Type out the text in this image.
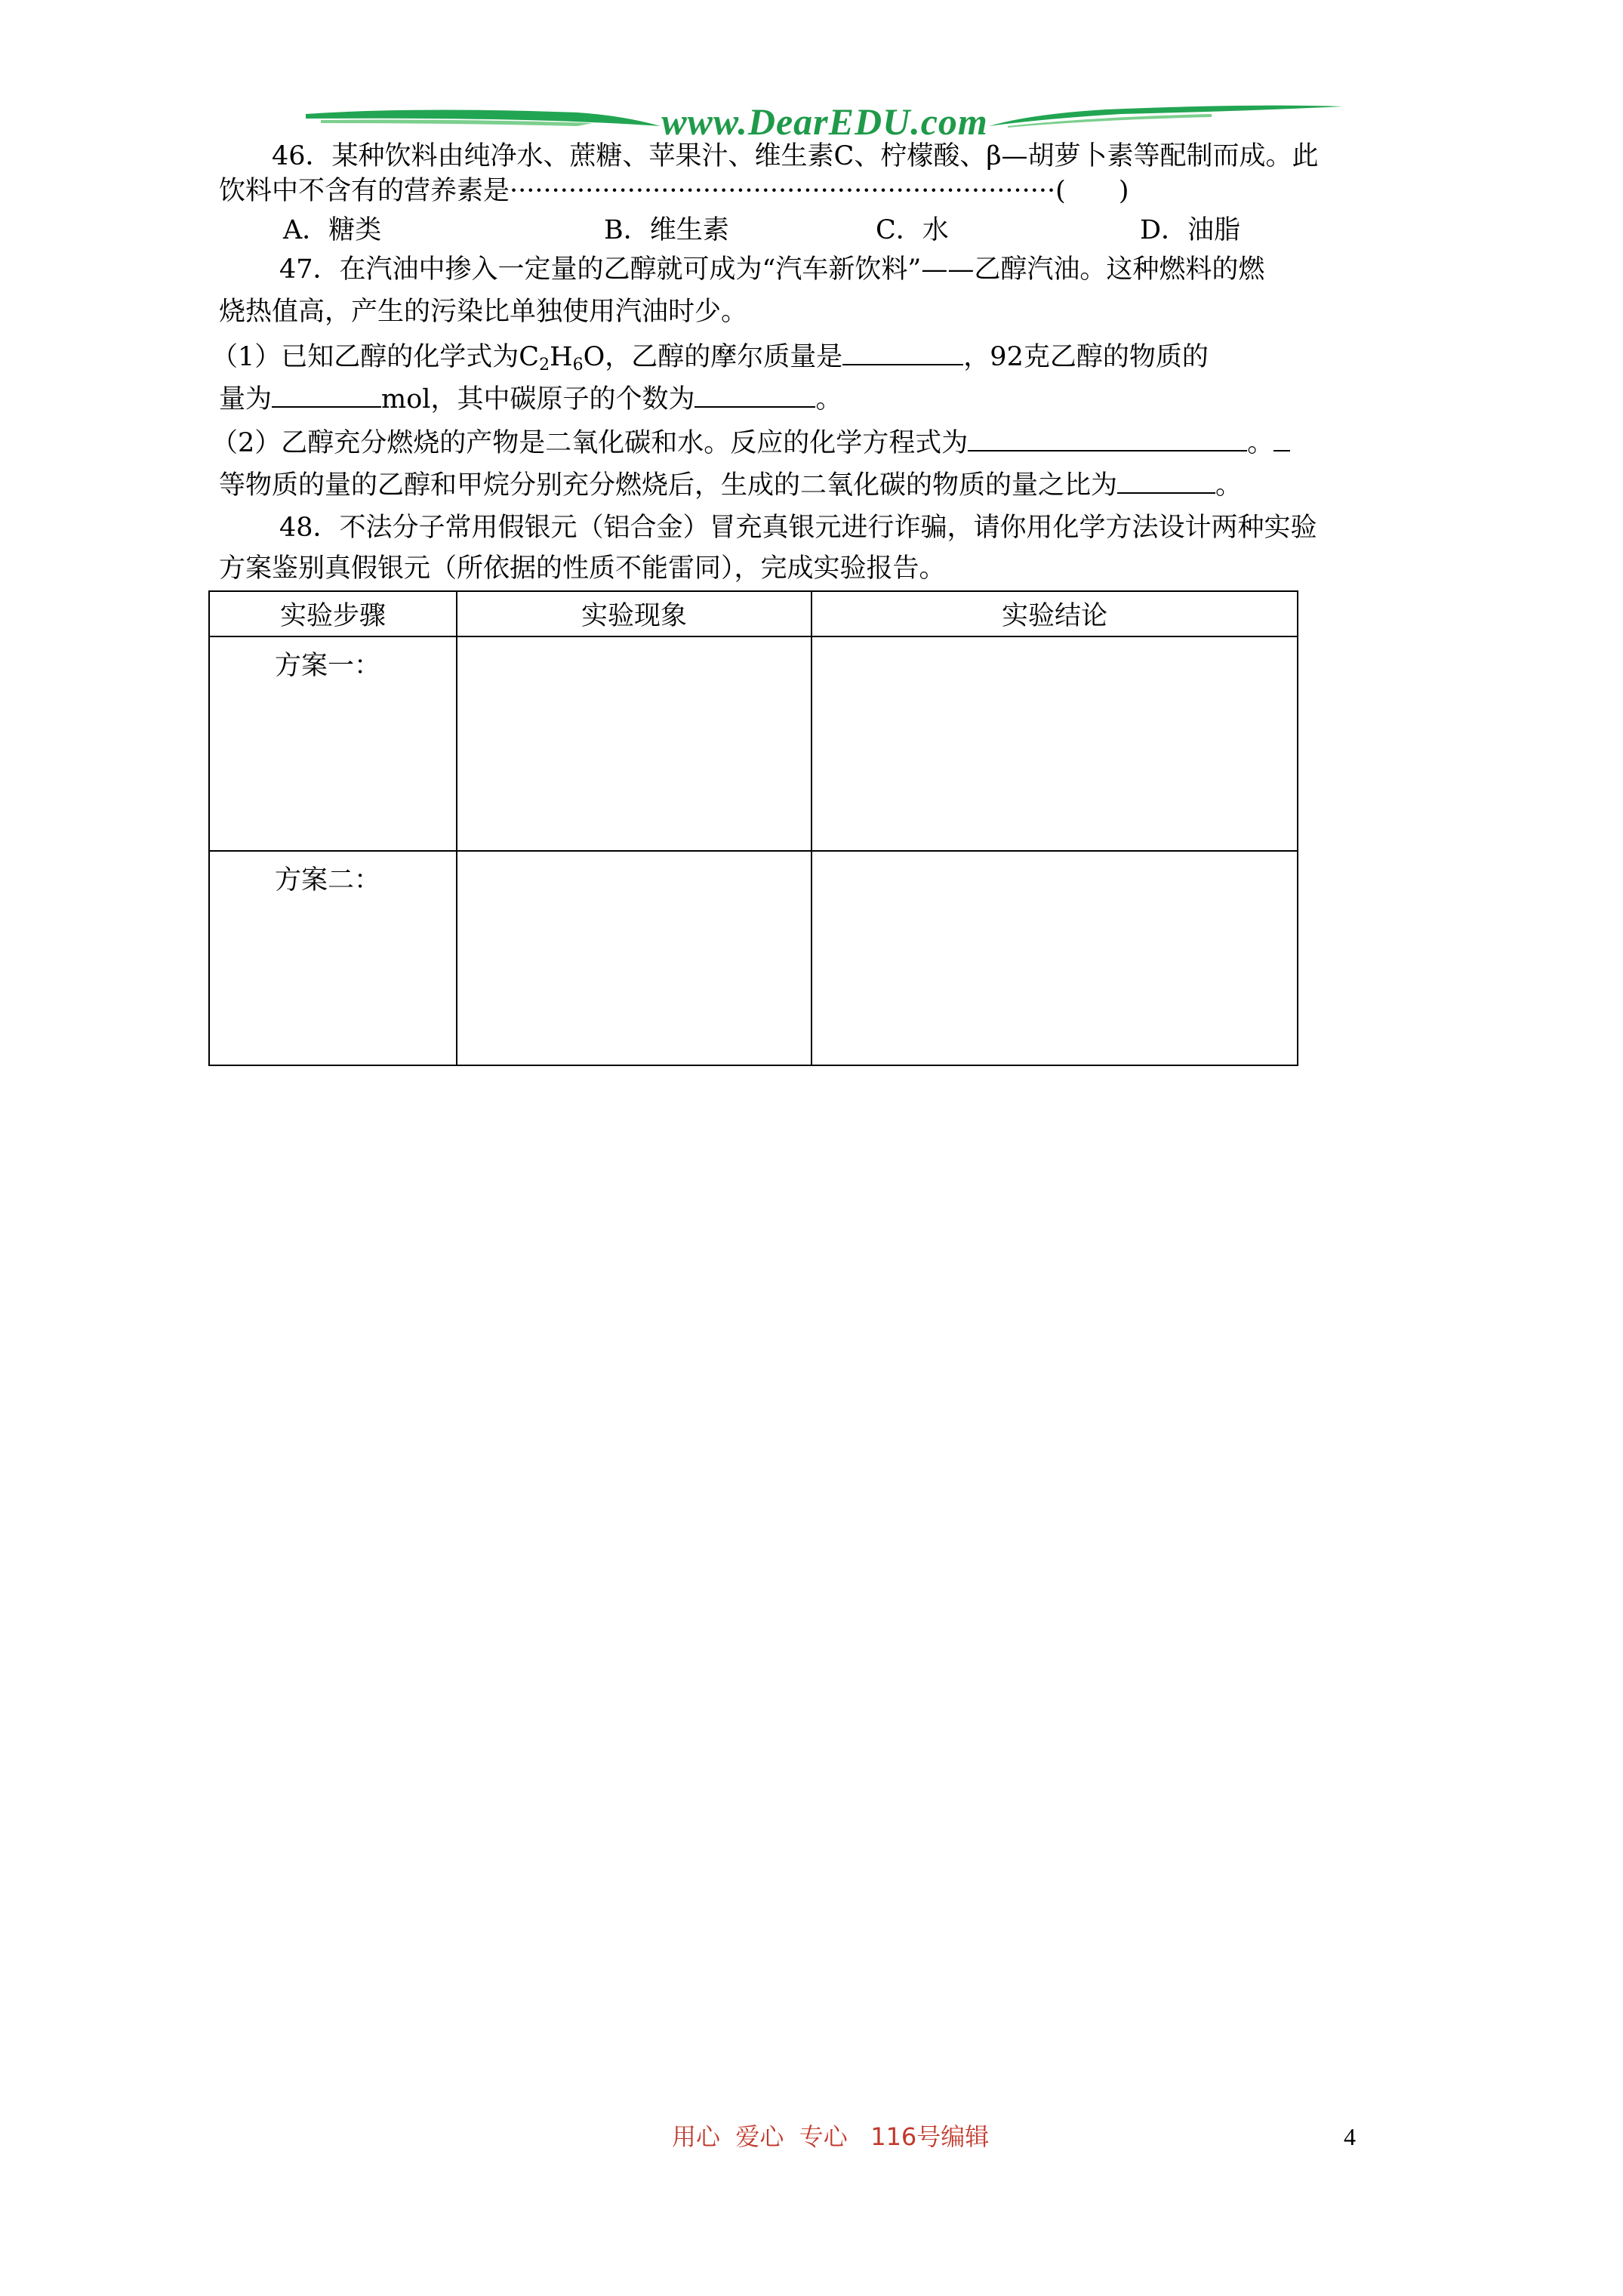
www.DearEDU.com
46．某种饮料由纯净水、蔗糖、苹果汁、维生素C、柠檬酸、β—胡萝卜素等配制而成。此
饮料中不含有的营养素是·································································(　　)
A．糖类	B．维生素	C．水	D．油脂
47．在汽油中掺入一定量的乙醇就可成为“汽车新饮料”——乙醇汽油。这种燃料的燃
烧热值高，产生的污染比单独使用汽油时少。
（1）已知乙醇的化学式为$C_2H_6O$，乙醇的摩尔质量是	，92克乙醇的物质的
量为	mol，其中碳原子的个数为	。
（2）乙醇充分燃烧的产物是二氧化碳和水。反应的化学方程式为	。
等物质的量的乙醇和甲烷分别充分燃烧后，生成的二氧化碳的物质的量之比为	。
48．不法分子常用假银元（铝合金）冒充真银元进行诈骗，请你用化学方法设计两种实验
方案鉴别真假银元（所依据的性质不能雷同），完成实验报告。
实验步骤	实验现象	实验结论

方案一：		

方案二：		

用心  爱心  专心   116号编辑	4
